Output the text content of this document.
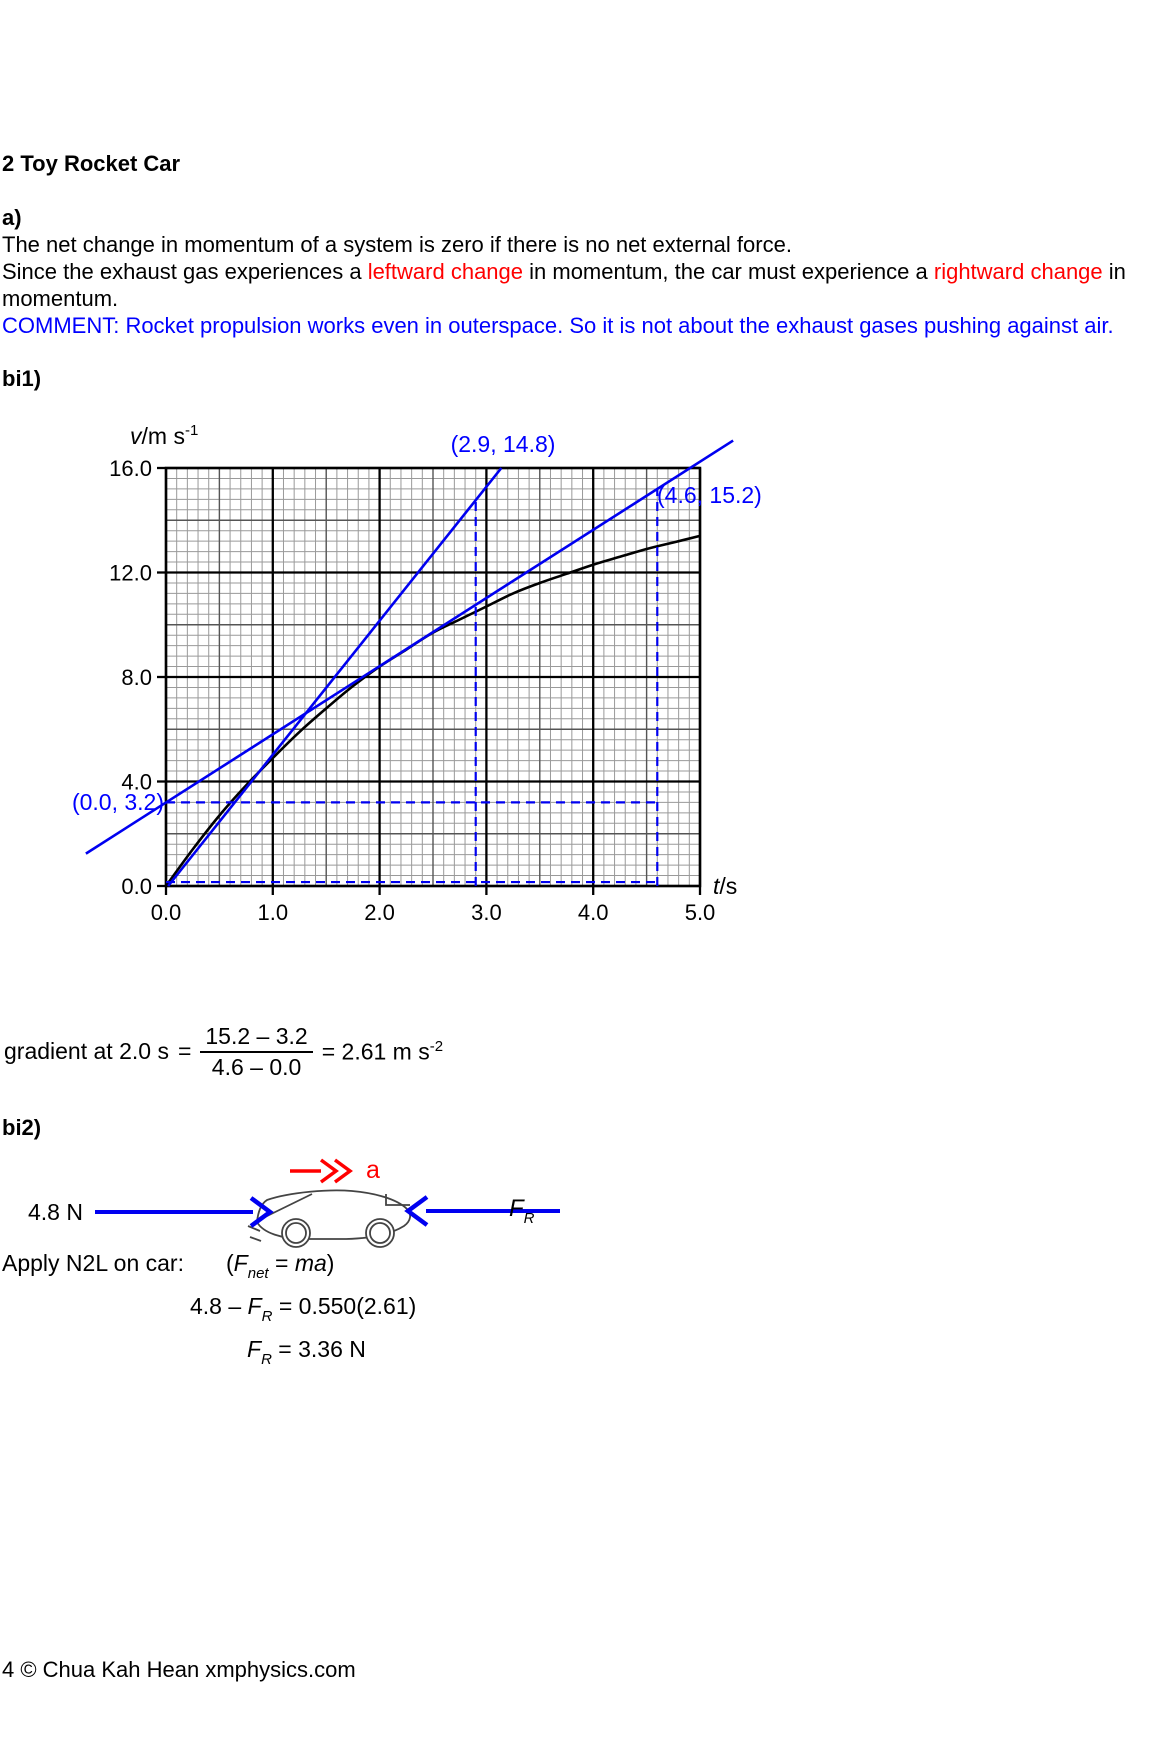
2 Toy Rocket Car
a)
The net change in momentum of a system is zero if there is no net external force.
Since the exhaust gas experiences a leftward change in momentum, the car must experience a rightward change in
momentum.
COMMENT: Rocket propulsion works even in outerspace. So it is not about the exhaust gases pushing against air.
bi1)
0.0	1.0	2.0	3.0	4.0	5.0
0.0
4.0
8.0
12.0
16.0
(2.9, 14.8)
(4.6, 15.2)
(0.0, 3.2)
v/m $s^{-1}$
t/s
gradient at 2.0 $s = \frac{15.2 - 3.2}{4.6 - 0.0} = 2.61$ m $s^{-2}$
bi2)
a
4.8 N	$F_R$
Apply N2L on car: $(F_{net} = ma)$
$4.8 - F_R = 0.550(2.61)$
$F_R = 3.36$ N
4 © Chua Kah Hean xmphysics.com
